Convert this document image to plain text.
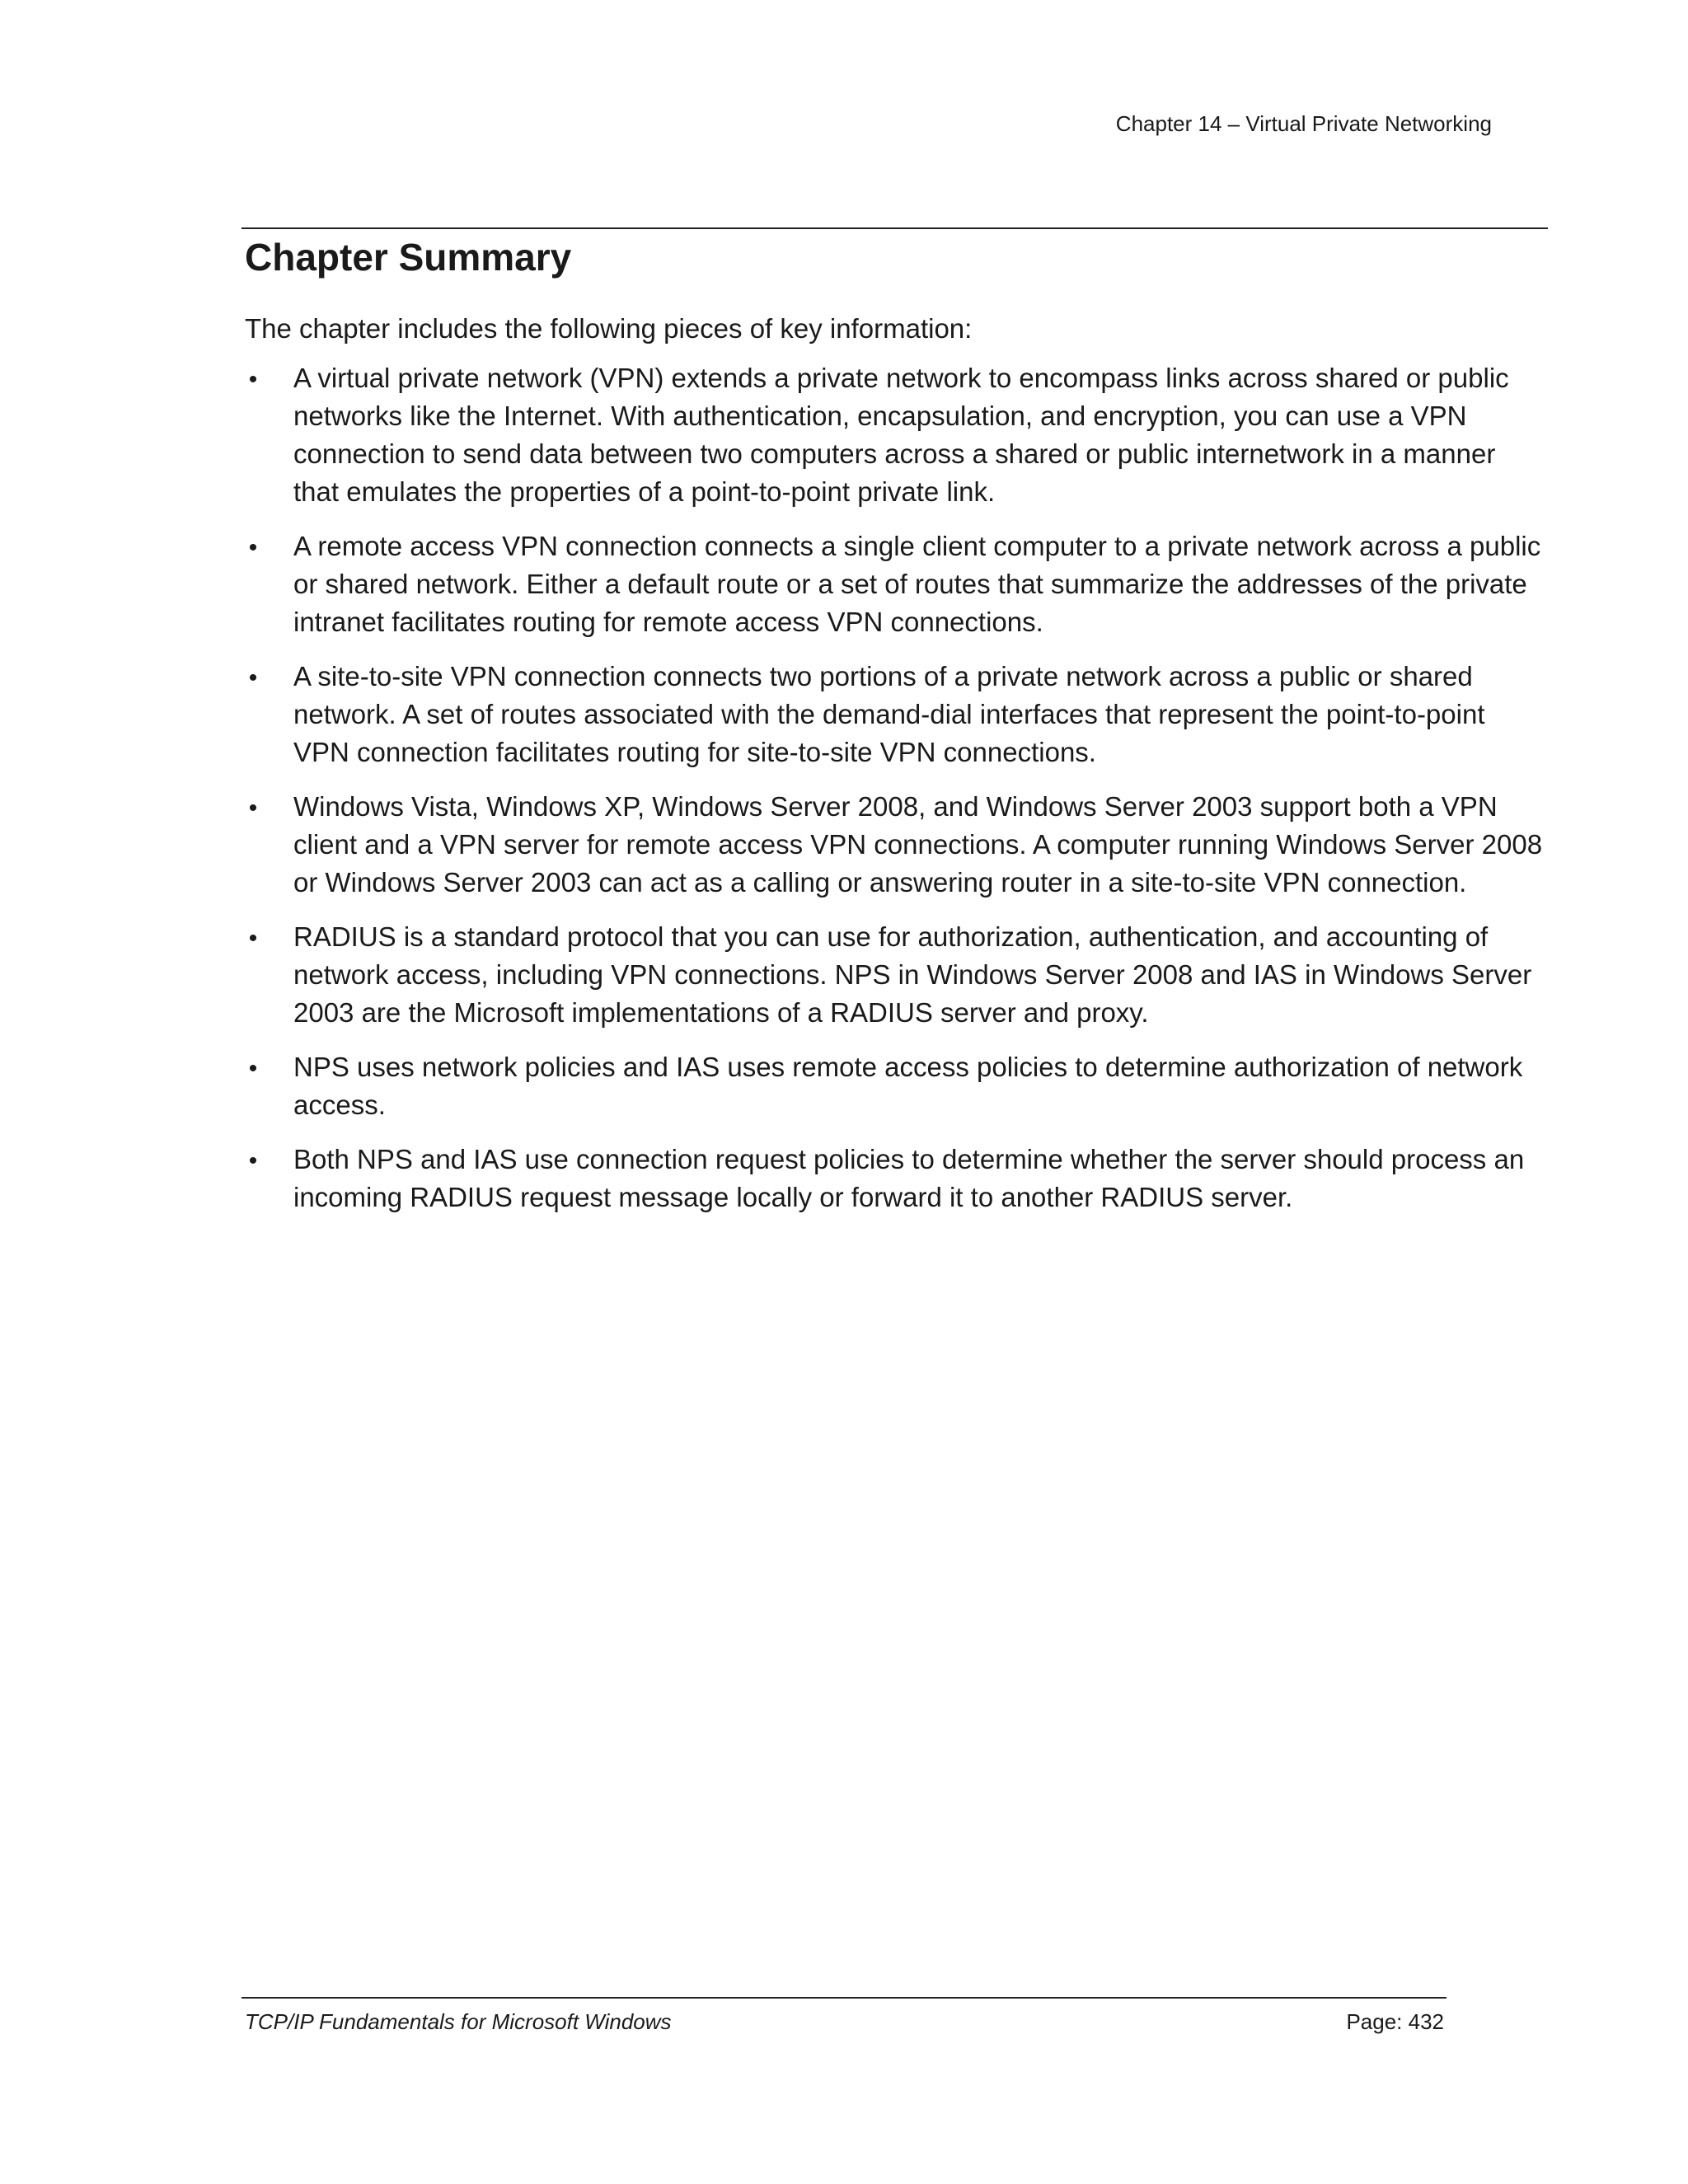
Chapter 14 – Virtual Private Networking
Chapter Summary

The chapter includes the following pieces of key information:

•
A virtual private network (VPN) extends a private network to encompass links across shared or public networks like the Internet. With authentication, encapsulation, and encryption, you can use a VPN connection to send data between two computers across a shared or public internetwork in a manner that emulates the properties of a point-to-point private link.
•
A remote access VPN connection connects a single client computer to a private network across a public or shared network. Either a default route or a set of routes that summarize the addresses of the private intranet facilitates routing for remote access VPN connections.
•
A site-to-site VPN connection connects two portions of a private network across a public or shared network. A set of routes associated with the demand-dial interfaces that represent the point-to-point VPN connection facilitates routing for site-to-site VPN connections.
•
Windows Vista, Windows XP, Windows Server 2008, and Windows Server 2003 support both a VPN client and a VPN server for remote access VPN connections. A computer running Windows Server 2008 or Windows Server 2003 can act as a calling or answering router in a site-to-site VPN connection.
•
RADIUS is a standard protocol that you can use for authorization, authentication, and accounting of network access, including VPN connections. NPS in Windows Server 2008 and IAS in Windows Server 2003 are the Microsoft implementations of a RADIUS server and proxy.
•
NPS uses network policies and IAS uses remote access policies to determine authorization of network access.
•
Both NPS and IAS use connection request policies to determine whether the server should process an incoming RADIUS request message locally or forward it to another RADIUS server.
TCP/IP Fundamentals for Microsoft Windows	Page: 432
